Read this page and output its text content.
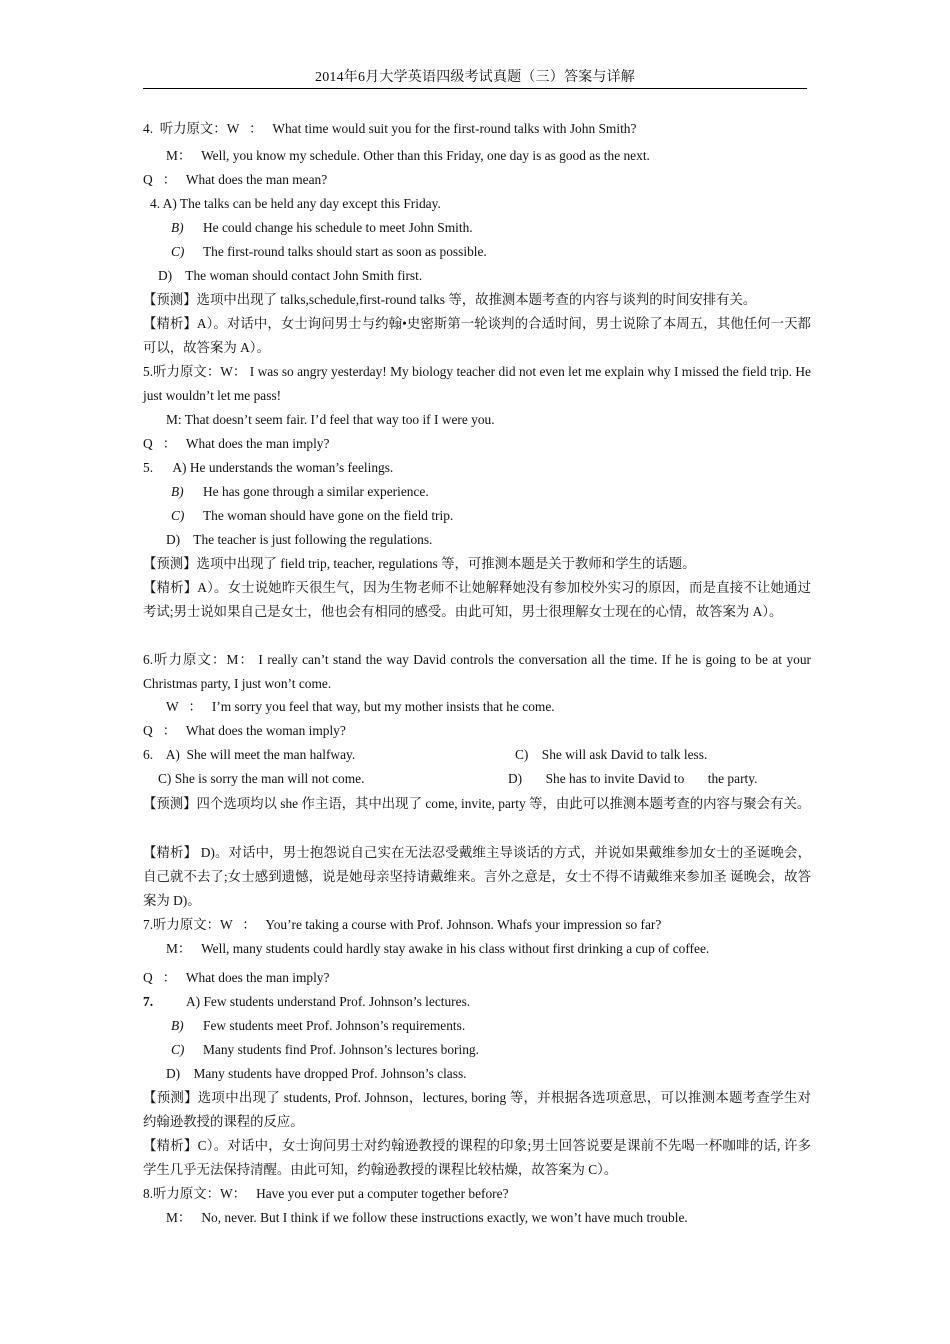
2014年6月大学英语四级考试真题（三）答案与详解
4.  听力原文：W   ：   What time would suit you for the first-round talks with John Smith?
M：   Well, you know my schedule. Other than this Friday, one day is as good as the next.
Q   ：   What does the man mean?
4. A) The talks can be held any day except this Friday.
B) He could change his schedule to meet John Smith.
C) The first-round talks should start as soon as possible.
D)    The woman should contact John Smith first.
【预测】选项中出现了 talks,schedule,first-round talks 等，故推测本题考查的内容与谈判的时间安排有关。
【精析】A）。对话中，女士询问男士与约翰•史密斯第一轮谈判的合适时间，男士说除了本周五，其他任何一天都可以，故答案为 A）。
5.听力原文：W： I was so angry yesterday! My biology teacher did not even let me explain why I missed the field trip. He just wouldn’t let me pass!
M: That doesn’t seem fair. I’d feel that way too if I were you.
Q   ：   What does the man imply?
5.      A) He understands the woman’s feelings.
B) He has gone through a similar experience.
C) The woman should have gone on the field trip.
D)    The teacher is just following the regulations.
【预测】选项中出现了 field trip, teacher, regulations 等，可推测本题是关于教师和学生的话题。
【精析】A）。女士说她昨天很生气，因为生物老师不让她解释她没有参加校外实习的原因，而是直接不让她通过考试;男士说如果自己是女士，他也会有相同的感受。由此可知，男士很理解女士现在的心情，故答案为 A）。
6.听力原文：M： I really can’t stand the way David controls the conversation all the time. If he is going to be at your Christmas party, I just won’t come.
W   ：   I’m sorry you feel that way, but my mother insists that he come.
Q   ：   What does the woman imply?
6.    A)  She will meet the man halfway.	C)    She will ask David to talk less.
C) She is sorry the man will not come.	D)       She has to invite David to       the party.
【预测】四个选项均以 she 作主语，其中出现了 come, invite, party 等，由此可以推测本题考查的内容与聚会有关。
【精析】 D)。对话中，男士抱怨说自己实在无法忍受戴维主导谈话的方式，并说如果戴维参加女士的圣诞晚会，自己就不去了;女士感到遗憾，说是她母亲坚持请戴维来。言外之意是，女士不得不请戴维来参加圣 诞晚会，故答案为 D)。
7.听力原文：W   ：   You’re taking a course with Prof. Johnson. Whafs your impression so far?
M：   Well, many students could hardly stay awake in his class without first drinking a cup of coffee.
Q   ：   What does the man imply?
7. A) Few students understand Prof. Johnson’s lectures.
B) Few students meet Prof. Johnson’s requirements.
C) Many students find Prof. Johnson’s lectures boring.
D)    Many students have dropped Prof. Johnson’s class.
【预测】选项中出现了 students, Prof. Johnson，lectures, boring 等，并根据各选项意思，可以推测本题考查学生对约翰逊教授的课程的反应。
【精析】C）。对话中，女士询问男士对约翰逊教授的课程的印象;男士回答说要是课前不先喝一杯咖啡的话, 许多学生几乎无法保持清醒。由此可知，约翰逊教授的课程比较枯燥，故答案为 C）。
8.听力原文：W：   Have you ever put a computer together before?
M：   No, never. But I think if we follow these instructions exactly, we won’t have much trouble.
